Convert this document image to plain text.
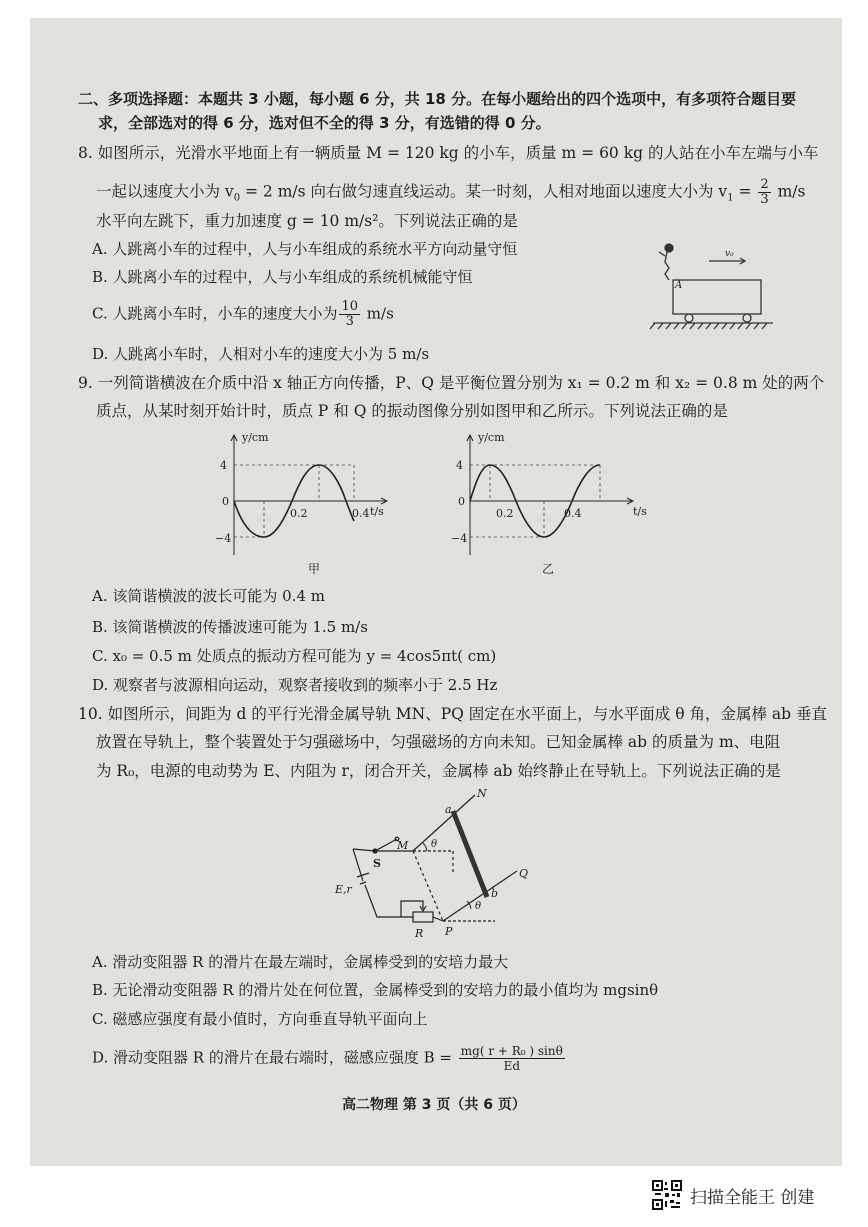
二、多项选择题：本题共 3 小题，每小题 6 分，共 18 分。在每小题给出的四个选项中，有多项符合题目要
求，全部选对的得 6 分，选对但不全的得 3 分，有选错的得 0 分。
8. 如图所示，光滑水平地面上有一辆质量 M = 120 kg 的小车，质量 m = 60 kg 的人站在小车左端与小车
一起以速度大小为 $v_0 = 2$ m/s 向右做匀速直线运动。某一时刻，人相对地面以速度大小为 $v_1 = \frac{2}{3} m/s$
水平向左跳下，重力加速度 g = 10 m/s²。下列说法正确的是
A. 人跳离小车的过程中，人与小车组成的系统水平方向动量守恒
B. 人跳离小车的过程中，人与小车组成的系统机械能守恒
C. 人跳离小车时，小车的速度大小为 $\frac{10}{3} m/s$
D. 人跳离小车时，人相对小车的速度大小为 5 m/s
A
v₀
9. 一列简谐横波在介质中沿 x 轴正方向传播，P、Q 是平衡位置分别为 x₁ = 0.2 m 和 x₂ = 0.8 m 处的两个
质点，从某时刻开始计时，质点 P 和 Q 的振动图像分别如图甲和乙所示。下列说法正确的是
y/cm
t/s
4
0
−4
0.2	0.4
甲
y/cm
t/s
4
0
−4
0.2	0.4
乙
A. 该简谐横波的波长可能为 0.4 m
B. 该简谐横波的传播波速可能为 1.5 m/s
C. x₀ = 0.5 m 处质点的振动方程可能为 y = 4cos5πt( cm)
D. 观察者与波源相向运动，观察者接收到的频率小于 2.5 Hz
10. 如图所示，间距为 d 的平行光滑金属导轨 MN、PQ 固定在水平面上，与水平面成 θ 角，金属棒 ab 垂直
放置在导轨上，整个装置处于匀强磁场中，匀强磁场的方向未知。已知金属棒 ab 的质量为 m、电阻
为 R₀，电源的电动势为 E、内阻为 r，闭合开关，金属棒 ab 始终静止在导轨上。下列说法正确的是
N
M
a
θ
S
E,r
Q
b
θ
P
R
A. 滑动变阻器 R 的滑片在最左端时，金属棒受到的安培力最大
B. 无论滑动变阻器 R 的滑片处在何位置，金属棒受到的安培力的最小值均为 mgsinθ
C. 磁感应强度有最小值时，方向垂直导轨平面向上
D. 滑动变阻器 R 的滑片在最右端时，磁感应强度 $B = \frac{\text{mg( r + R₀ ) sinθ}}{Ed}$
高二物理 第 3 页（共 6 页）
扫描全能王 创建
